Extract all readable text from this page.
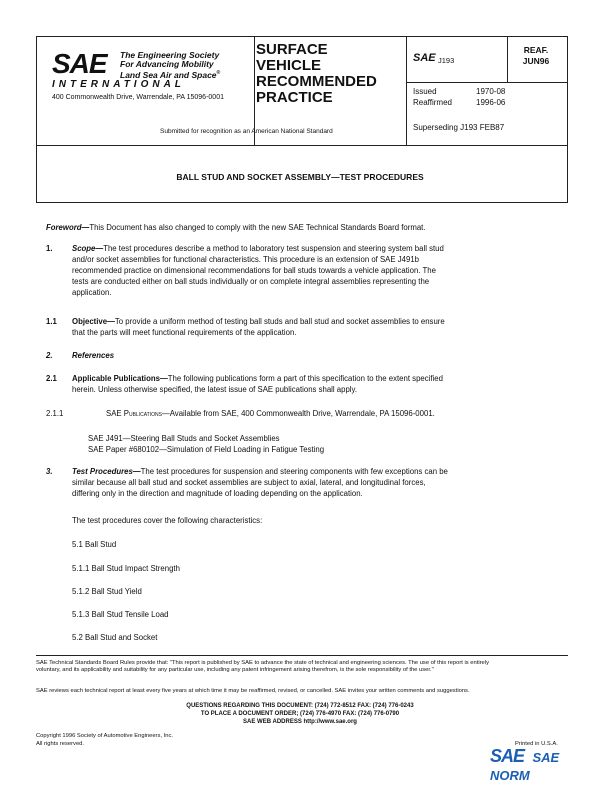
SAE The Engineering Society
For Advancing Mobility
Land Sea Air and Space®
INTERNATIONAL
400 Commonwealth Drive, Warrendale, PA 15096-0001
SURFACE
VEHICLE
RECOMMENDED
PRACTICE
Submitted for recognition as an American National Standard
SAE J193
REAF.
JUN96
Issued	1970-08
Reaffirmed	1996-06
Superseding J193 FEB87
BALL STUD AND SOCKET ASSEMBLY—TEST PROCEDURES
Foreword—This Document has also changed to comply with the new SAE Technical Standards Board format.
1. Scope—The test procedures describe a method to laboratory test suspension and steering system ball stud
and/or socket assemblies for functional characteristics. This procedure is an extension of SAE J491b
recommended practice on dimensional recommendations for ball studs towards a vehicle application. The
tests are conducted either on ball studs individually or on complete integral assemblies representing the
application.
1.1 Objective—To provide a uniform method of testing ball studs and ball stud and socket assemblies to ensure
that the parts will meet functional requirements of the application.
2. References
2.1 Applicable Publications—The following publications form a part of this specification to the extent specified
herein. Unless otherwise specified, the latest issue of SAE publications shall apply.
2.1.1	SAE Publications—Available from SAE, 400 Commonwealth Drive, Warrendale, PA 15096-0001.
SAE J491—Steering Ball Studs and Socket Assemblies
SAE Paper #680102—Simulation of Field Loading in Fatigue Testing
3. Test Procedures—The test procedures for suspension and steering components with few exceptions can be
similar because all ball stud and socket assemblies are subject to axial, lateral, and longitudinal forces,
differing only in the direction and magnitude of loading depending on the application.
The test procedures cover the following characteristics:
5.1 Ball Stud
5.1.1 Ball Stud Impact Strength
5.1.2 Ball Stud Yield
5.1.3 Ball Stud Tensile Load
5.2 Ball Stud and Socket
SAE Technical Standards Board Rules provide that: "This report is published by SAE to advance the state of technical and engineering sciences. The use of this report is entirely
voluntary, and its applicability and suitability for any particular use, including any patent infringement arising therefrom, is the sole responsibility of the user."
SAE reviews each technical report at least every five years at which time it may be reaffirmed, revised, or cancelled. SAE invites your written comments and suggestions.
QUESTIONS REGARDING THIS DOCUMENT: (724) 772-8512 FAX: (724) 776-0243
TO PLACE A DOCUMENT ORDER; (724) 776-4970 FAX: (724) 776-0790
SAE WEB ADDRESS http://www.sae.org
Copyright 1996 Society of Automotive Engineers, Inc.
All rights reserved.	Printed in U.S.A.
SAE SAE NORM
